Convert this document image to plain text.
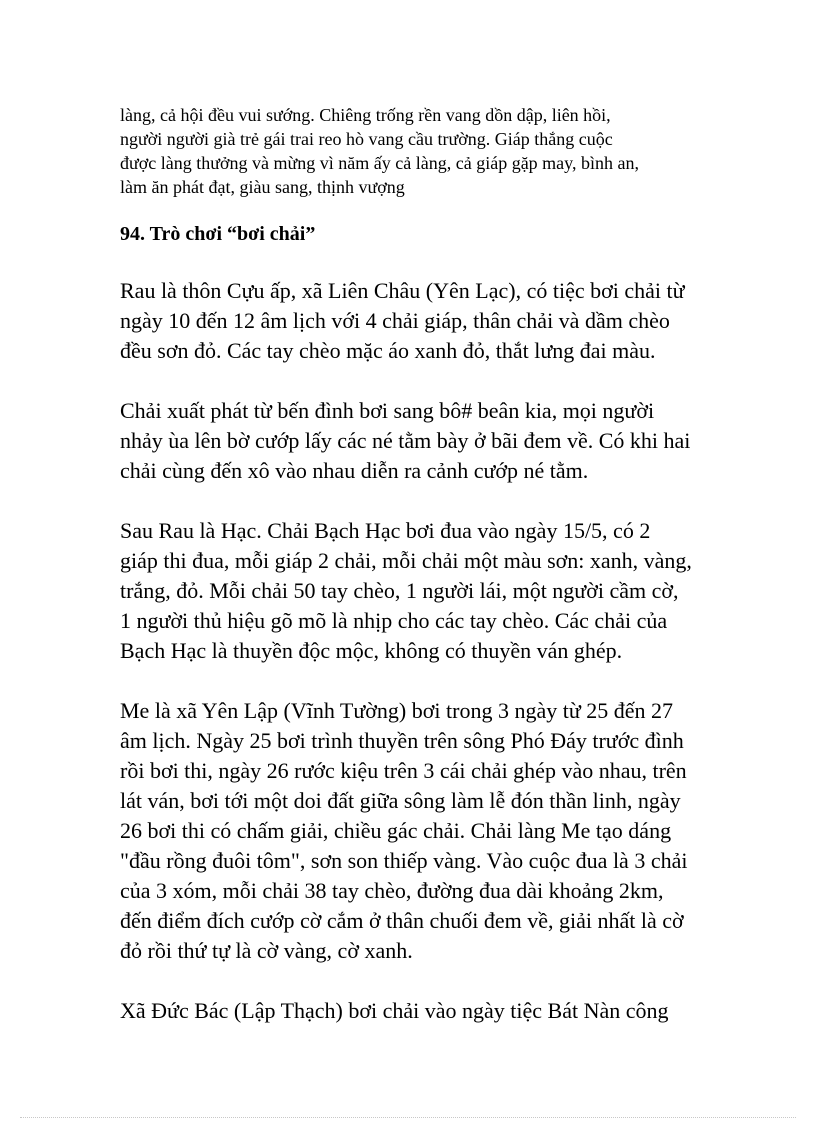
làng, cả hội đều vui sướng. Chiêng trống rền vang dồn dập, liên hồi,
người người già trẻ gái trai reo hò vang cầu trường. Giáp thắng cuộc
được làng thưởng và mừng vì năm ấy cả làng, cả giáp gặp may, bình an,
làm ăn phát đạt, giàu sang, thịnh vượng

94. Trò chơi “bơi chải”

Rau là thôn Cựu ấp, xã Liên Châu (Yên Lạc), có tiệc bơi chải từ
ngày 10 đến 12 âm lịch với 4 chải giáp, thân chải và dầm chèo
đều sơn đỏ. Các tay chèo mặc áo xanh đỏ, thắt lưng đai màu.

Chải xuất phát từ bến đình bơi sang bô# beân kia, mọi người
nhảy ùa lên bờ cướp lấy các né tằm bày ở bãi đem về. Có khi hai
chải cùng đến xô vào nhau diễn ra cảnh cướp né tằm.

Sau Rau là Hạc. Chải Bạch Hạc bơi đua vào ngày 15/5, có 2
giáp thi đua, mỗi giáp 2 chải, mỗi chải một màu sơn: xanh, vàng,
trắng, đỏ. Mỗi chải 50 tay chèo, 1 người lái, một người cầm cờ,
1 người thủ hiệu gõ mõ là nhịp cho các tay chèo. Các chải của
Bạch Hạc là thuyền độc mộc, không có thuyền ván ghép.

Me là xã Yên Lập (Vĩnh Tường) bơi trong 3 ngày từ 25 đến 27
âm lịch. Ngày 25 bơi trình thuyền trên sông Phó Đáy trước đình
rồi bơi thi, ngày 26 rước kiệu trên 3 cái chải ghép vào nhau, trên
lát ván, bơi tới một doi đất giữa sông làm lễ đón thần linh, ngày
26 bơi thi có chấm giải, chiều gác chải. Chải làng Me tạo dáng
"đầu rồng đuôi tôm", sơn son thiếp vàng. Vào cuộc đua là 3 chải
của 3 xóm, mỗi chải 38 tay chèo, đường đua dài khoảng 2km,
đến điểm đích cướp cờ cắm ở thân chuối đem về, giải nhất là cờ
đỏ rồi thứ tự là cờ vàng, cờ xanh.

Xã Đức Bác (Lập Thạch) bơi chải vào ngày tiệc Bát Nàn công
